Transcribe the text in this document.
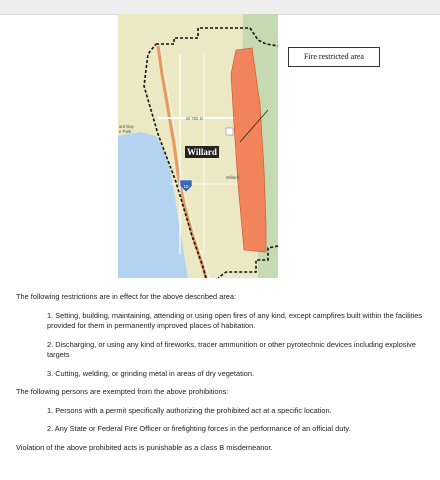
15
W 750 N
ard Bay
e Park
Willard
Willard
Fire restricted area

The following restrictions are in effect for the above described area:

1. Setting, building, maintaining, attending or using open fires of any kind, except campfires built within the facilities provided for them in permanently improved places of habitation.

2. Discharging, or using any kind of fireworks, tracer ammunition or other pyrotechnic devices including explosive targets

3. Cutting, welding, or grinding metal in areas of dry vegetation.

The following persons are exempted from the above prohibitions:

1. Persons with a permit specifically authorizing the prohibited act at a specific location.

2. Any State or Federal Fire Officer or firefighting forces in the performance of an official duty.

Violation of the above prohibited acts is punishable as a class B misdemeanor.
